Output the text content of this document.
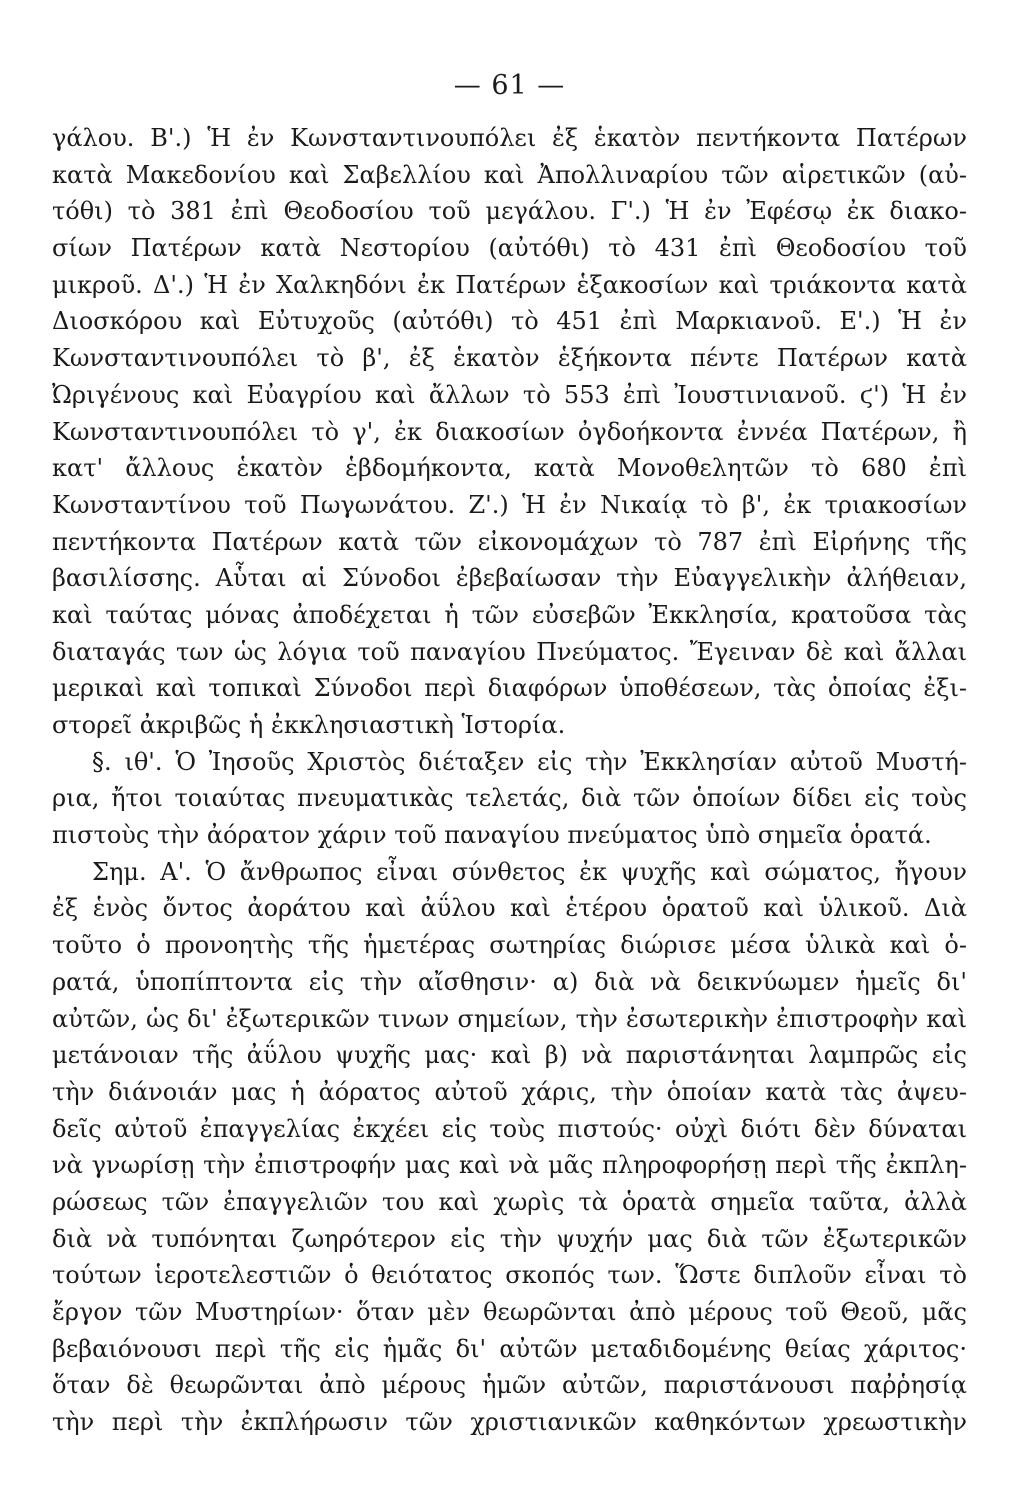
— 61 —
γάλου. Β'.) Ἡ ἐν Κωνσταντινουπόλει ἐξ ἑκατὸν πεντήκοντα Πατέρων
κατὰ Μακεδονίου καὶ Σαβελλίου καὶ Ἀπολλιναρίου τῶν αἱρετικῶν (αὐ-
τόθι) τὸ 381 ἐπὶ Θεοδοσίου τοῦ μεγάλου. Γ'.) Ἡ ἐν Ἐφέσῳ ἐκ διακο-
σίων Πατέρων κατὰ Νεστορίου (αὐτόθι) τὸ 431 ἐπὶ Θεοδοσίου τοῦ
μικροῦ. Δ'.) Ἡ ἐν Χαλκηδόνι ἐκ Πατέρων ἑξακοσίων καὶ τριάκοντα κατὰ
Διοσκόρου καὶ Εὐτυχοῦς (αὐτόθι) τὸ 451 ἐπὶ Μαρκιανοῦ. Ε'.) Ἡ ἐν
Κωνσταντινουπόλει τὸ β', ἐξ ἑκατὸν ἑξήκοντα πέντε Πατέρων κατὰ
Ὠριγένους καὶ Εὐαγρίου καὶ ἄλλων τὸ 553 ἐπὶ Ἰουστινιανοῦ. ϛ') Ἡ ἐν
Κωνσταντινουπόλει τὸ γ', ἐκ διακοσίων ὀγδοήκοντα ἐννέα Πατέρων, ἢ
κατ' ἄλλους ἑκατὸν ἑβδομήκοντα, κατὰ Μονοθελητῶν τὸ 680 ἐπὶ
Κωνσταντίνου τοῦ Πωγωνάτου. Ζ'.) Ἡ ἐν Νικαίᾳ τὸ β', ἐκ τριακοσίων
πεντήκοντα Πατέρων κατὰ τῶν εἰκονομάχων τὸ 787 ἐπὶ Εἰρήνης τῆς
βασιλίσσης. Αὗται αἱ Σύνοδοι ἐβεβαίωσαν τὴν Εὐαγγελικὴν ἀλήθειαν,
καὶ ταύτας μόνας ἀποδέχεται ἡ τῶν εὐσεβῶν Ἐκκλησία, κρατοῦσα τὰς
διαταγάς των ὡς λόγια τοῦ παναγίου Πνεύματος. Ἔγειναν δὲ καὶ ἄλλαι
μερικαὶ καὶ τοπικαὶ Σύνοδοι περὶ διαφόρων ὑποθέσεων, τὰς ὁποίας ἐξι-
στορεῖ ἀκριβῶς ἡ ἐκκλησιαστικὴ Ἱστορία.
§. ιθ'. Ὁ Ἰησοῦς Χριστὸς διέταξεν εἰς τὴν Ἐκκλησίαν αὐτοῦ Μυστή-
ρια, ἤτοι τοιαύτας πνευματικὰς τελετάς, διὰ τῶν ὁποίων δίδει εἰς τοὺς
πιστοὺς τὴν ἀόρατον χάριν τοῦ παναγίου πνεύματος ὑπὸ σημεῖα ὁρατά.
Σημ. Α'. Ὁ ἄνθρωπος εἶναι σύνθετος ἐκ ψυχῆς καὶ σώματος, ἤγουν
ἐξ ἑνὸς ὄντος ἀοράτου καὶ ἀΰλου καὶ ἑτέρου ὁρατοῦ καὶ ὑλικοῦ. Διὰ
τοῦτο ὁ προνοητὴς τῆς ἡμετέρας σωτηρίας διώρισε μέσα ὑλικὰ καὶ ὁ-
ρατά, ὑποπίπτοντα εἰς τὴν αἴσθησιν· α) διὰ νὰ δεικνύωμεν ἡμεῖς δι'
αὐτῶν, ὡς δι' ἐξωτερικῶν τινων σημείων, τὴν ἐσωτερικὴν ἐπιστροφὴν καὶ
μετάνοιαν τῆς ἀΰλου ψυχῆς μας· καὶ β) νὰ παριστάνηται λαμπρῶς εἰς
τὴν διάνοιάν μας ἡ ἀόρατος αὐτοῦ χάρις, τὴν ὁποίαν κατὰ τὰς ἀψευ-
δεῖς αὐτοῦ ἐπαγγελίας ἐκχέει εἰς τοὺς πιστούς· οὐχὶ διότι δὲν δύναται
νὰ γνωρίσῃ τὴν ἐπιστροφήν μας καὶ νὰ μᾶς πληροφορήσῃ περὶ τῆς ἐκπλη-
ρώσεως τῶν ἐπαγγελιῶν του καὶ χωρὶς τὰ ὁρατὰ σημεῖα ταῦτα, ἀλλὰ
διὰ νὰ τυπόνηται ζωηρότερον εἰς τὴν ψυχήν μας διὰ τῶν ἐξωτερικῶν
τούτων ἱεροτελεστιῶν ὁ θειότατος σκοπός των. Ὥστε διπλοῦν εἶναι τὸ
ἔργον τῶν Μυστηρίων· ὅταν μὲν θεωρῶνται ἀπὸ μέρους τοῦ Θεοῦ, μᾶς
βεβαιόνουσι περὶ τῆς εἰς ἡμᾶς δι' αὐτῶν μεταδιδομένης θείας χάριτος·
ὅταν δὲ θεωρῶνται ἀπὸ μέρους ἡμῶν αὐτῶν, παριστάνουσι παῤῥησίᾳ
τὴν περὶ τὴν ἐκπλήρωσιν τῶν χριστιανικῶν καθηκόντων χρεωστικὴν
